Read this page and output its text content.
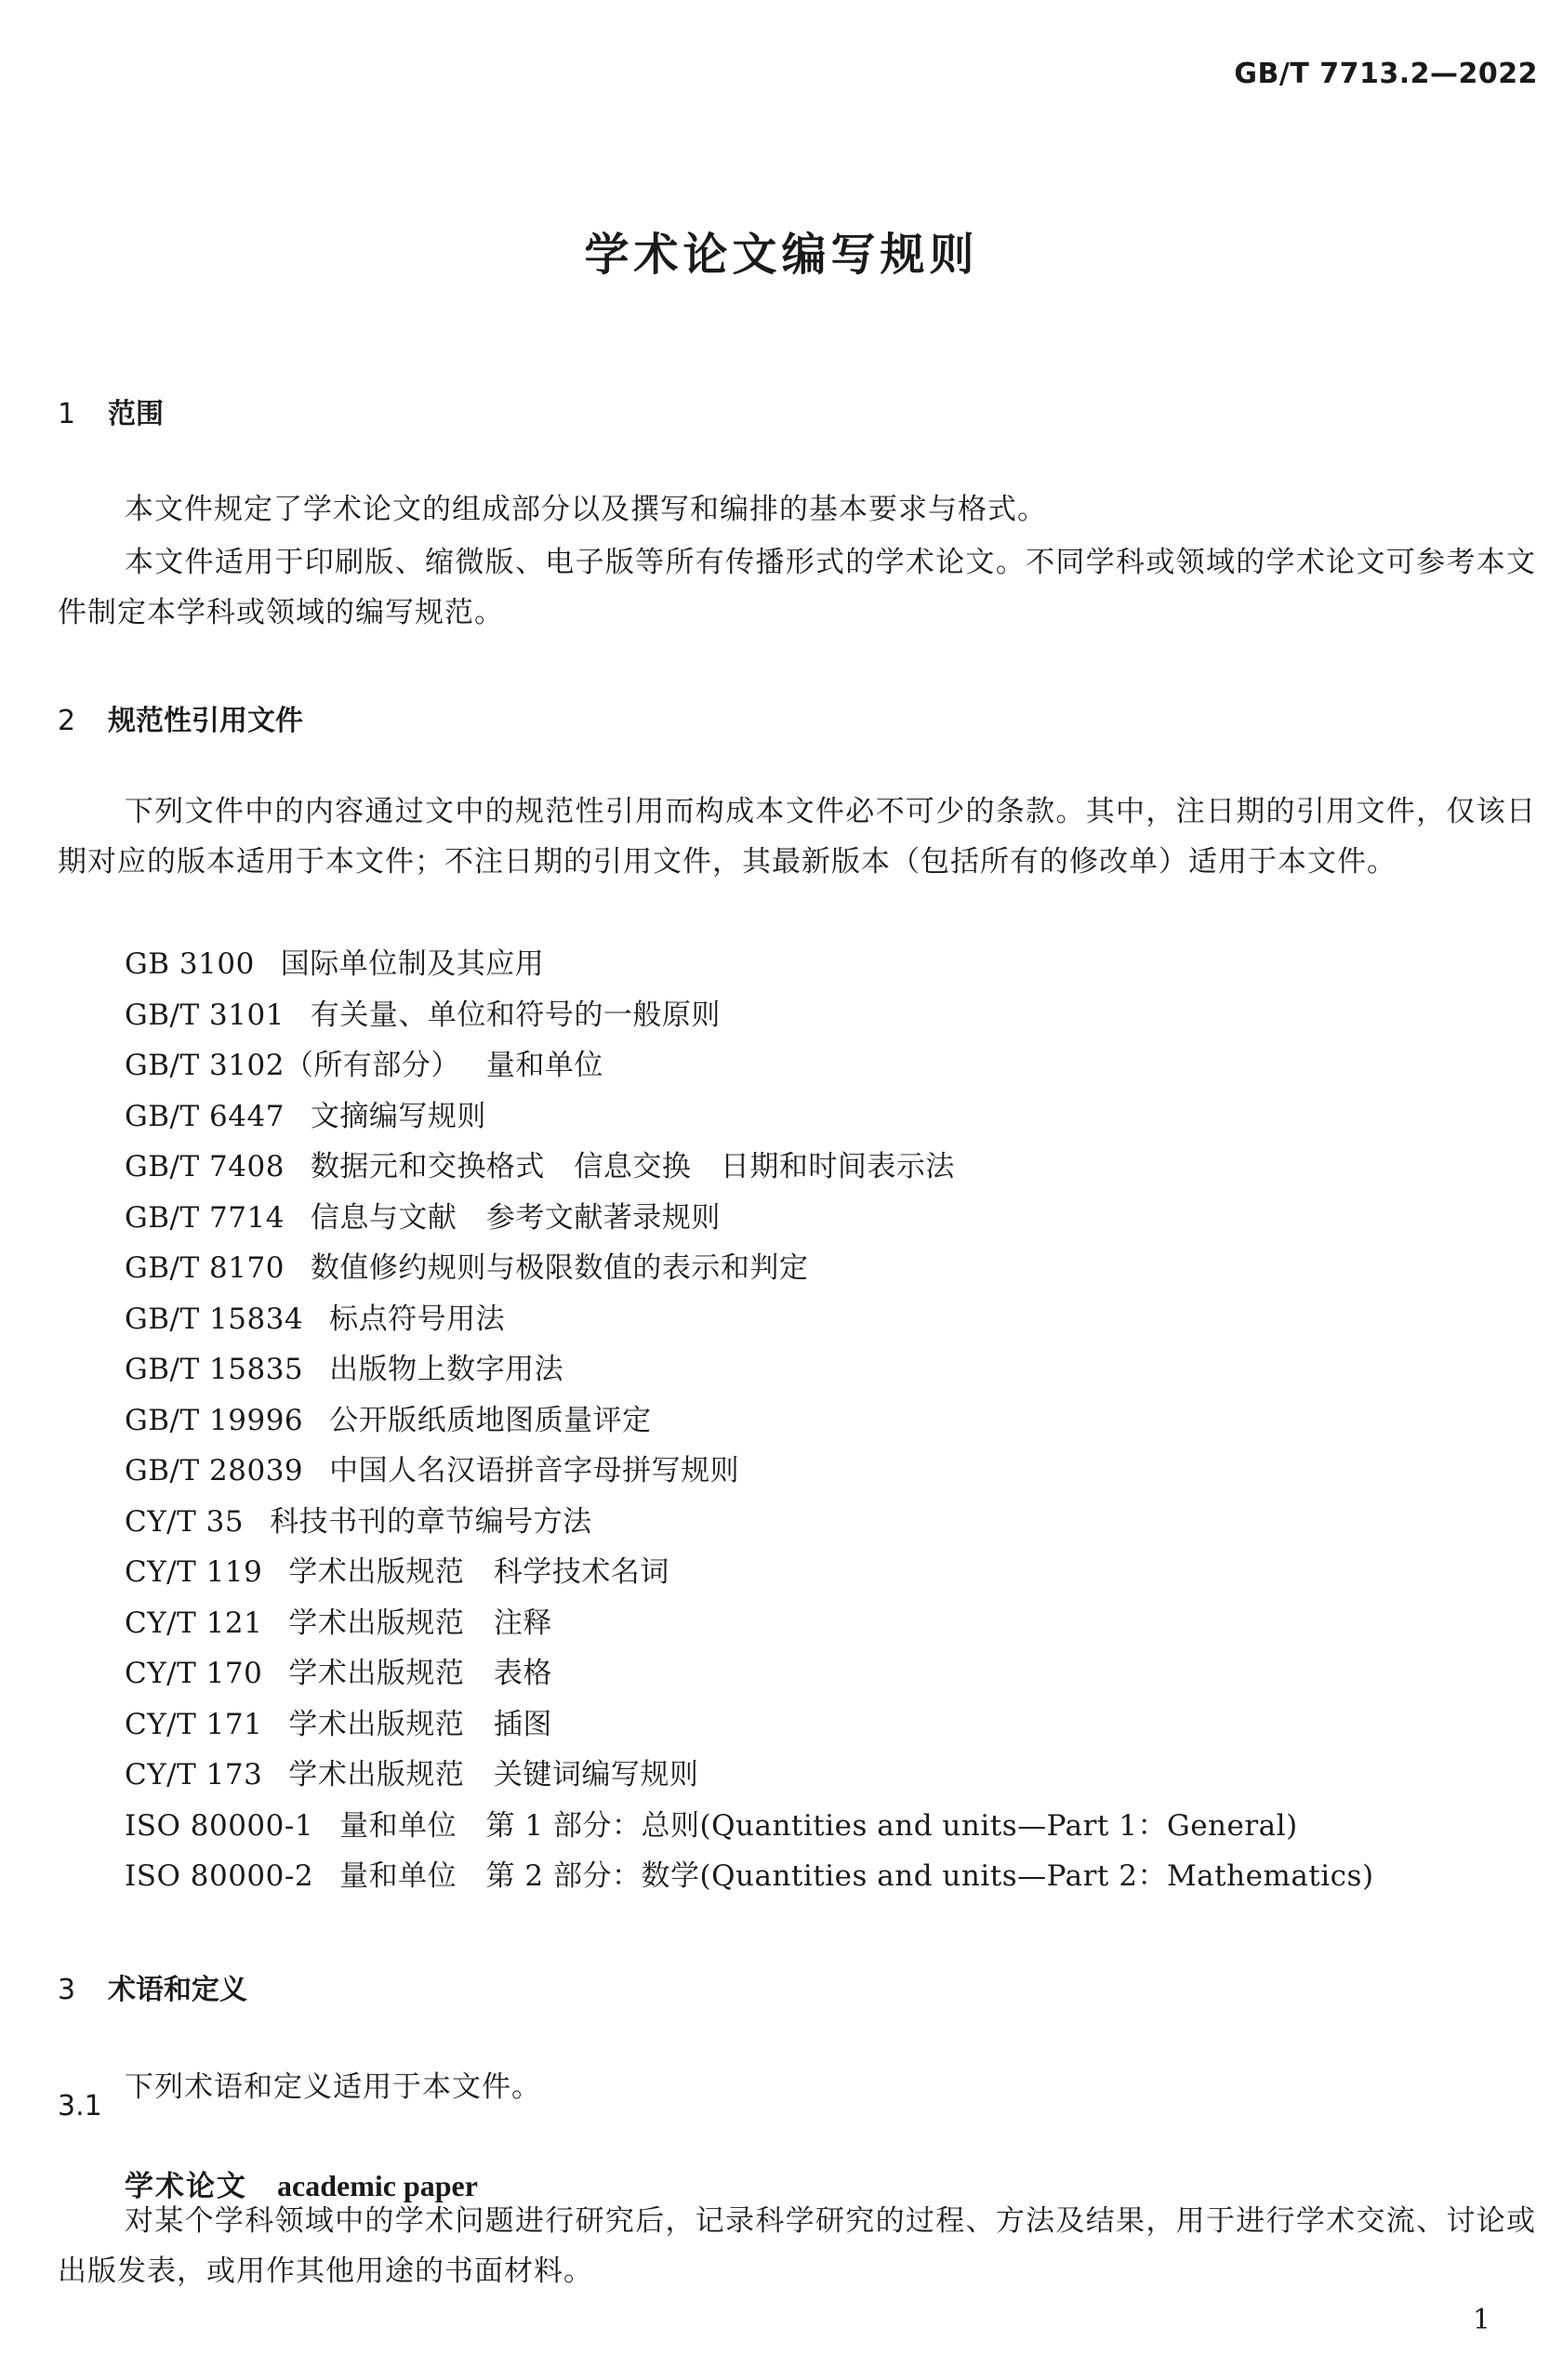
GB/T 7713.2—2022
学术论文编写规则
1 范围

本文件规定了学术论文的组成部分以及撰写和编排的基本要求与格式。

本文件适用于印刷版、缩微版、电子版等所有传播形式的学术论文。不同学科或领域的学术论文可参考本文件制定本学科或领域的编写规范。

2 规范性引用文件

下列文件中的内容通过文中的规范性引用而构成本文件必不可少的条款。其中，注日期的引用文件，仅该日期对应的版本适用于本文件；不注日期的引用文件，其最新版本（包括所有的修改单）适用于本文件。

GB 3100 国际单位制及其应用
GB/T 3101 有关量、单位和符号的一般原则
GB/T 3102（所有部分） 量和单位
GB/T 6447 文摘编写规则
GB/T 7408 数据元和交换格式　信息交换　日期和时间表示法
GB/T 7714 信息与文献　参考文献著录规则
GB/T 8170 数值修约规则与极限数值的表示和判定
GB/T 15834 标点符号用法
GB/T 15835 出版物上数字用法
GB/T 19996 公开版纸质地图质量评定
GB/T 28039 中国人名汉语拼音字母拼写规则
CY/T 35 科技书刊的章节编号方法
CY/T 119 学术出版规范　科学技术名词
CY/T 121 学术出版规范　注释
CY/T 170 学术出版规范　表格
CY/T 171 学术出版规范　插图
CY/T 173 学术出版规范　关键词编写规则
ISO 80000-1 量和单位　第 1 部分：总则(Quantities and units—Part 1：General)
ISO 80000-2 量和单位　第 2 部分：数学(Quantities and units—Part 2：Mathematics)
3 术语和定义

下列术语和定义适用于本文件。

3.1
学术论文 academic paper

对某个学科领域中的学术问题进行研究后，记录科学研究的过程、方法及结果，用于进行学术交流、讨论或出版发表，或用作其他用途的书面材料。

1
